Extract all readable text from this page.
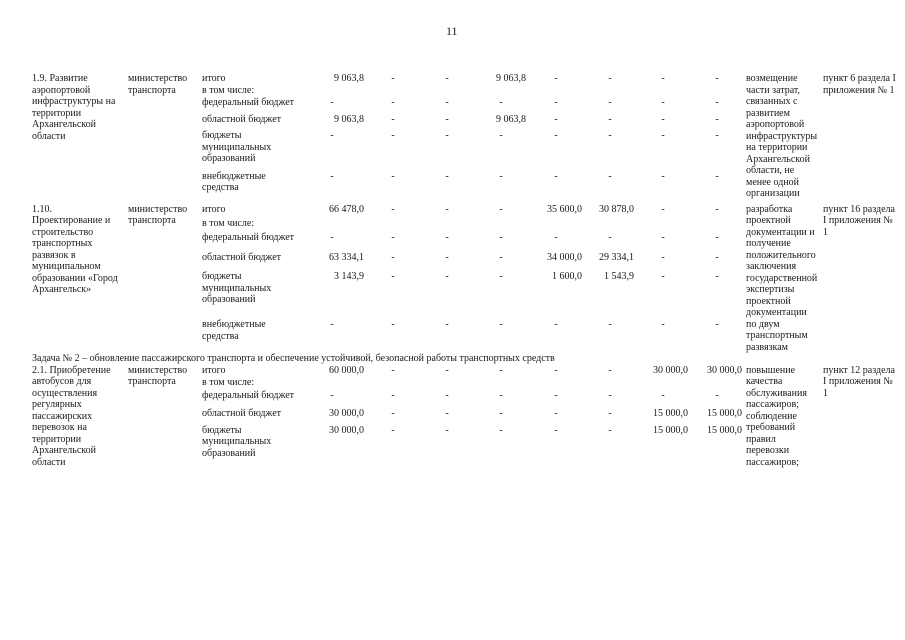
11
1.9. Развитие аэропортовой инфраструктуры на территории Архангельской области	министерство транспорта	итого	9 063,8	-	-	9 063,8	-	-	-	-	возмещение части затрат, связанных с развитием аэропортовой инфраструктуры на территории Архангельской области, не менее одной организации	пункт 6 раздела I приложения № 1
		в том числе:										
		федеральный бюджет	-	-	-	-	-	-	-	-		
		областной бюджет	9 063,8	-	-	9 063,8	-	-	-	-		
		бюджеты муниципальных образований	-	-	-	-	-	-	-	-		
		внебюджетные средства	-	-	-	-	-	-	-	-		

1.10. Проектирование и строительство транспортных развязок в муниципальном образовании «Город Архангельск»	министерство транспорта	итого	66 478,0	-	-	-	35 600,0	30 878,0	-	-	разработка проектной документации и получение положительного заключения государственной экспертизы проектной документации по двум транспортным развязкам	пункт 16 раздела I приложения № 1
		в том числе:										
		федеральный бюджет	-	-	-	-	-	-	-	-		
		областной бюджет	63 334,1	-	-	-	34 000,0	29 334,1	-	-		
		бюджеты муниципальных образований	3 143,9	-	-	-	1 600,0	1 543,9	-	-		
		внебюджетные средства	-	-	-	-	-	-	-	-		
Задача № 2 – обновление пассажирского транспорта и обеспечение устойчивой, безопасной работы транспортных средств												
2.1. Приобретение автобусов для осуществления регулярных пассажирских перевозок на территории Архангельской области	министерство транспорта	итого	60 000,0	-	-	-	-	-	30 000,0	30 000,0	повышение качества обслуживания пассажиров; соблюдение требований правил перевозки пассажиров;	пункт 12 раздела I приложения № 1
		в том числе:										
		федеральный бюджет	-	-	-	-	-	-	-	-		
		областной бюджет	30 000,0	-	-	-	-	-	15 000,0	15 000,0		
		бюджеты муниципальных образований	30 000,0	-	-	-	-	-	15 000,0	15 000,0		
